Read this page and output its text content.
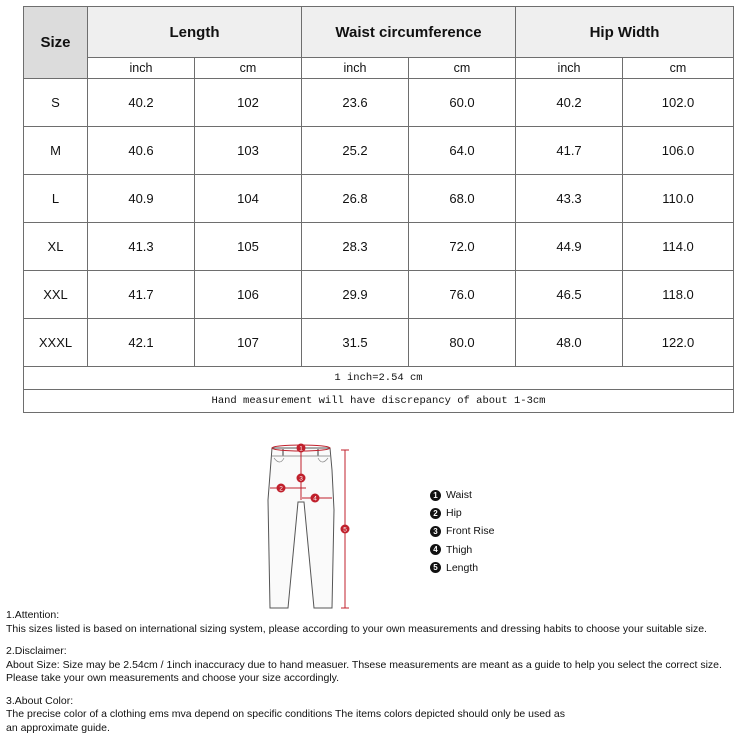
Size	Length		Waist circumference		Hip Width	
	inch	cm	inch	cm	inch	cm
S	40.2	102	23.6	60.0	40.2	102.0
M	40.6	103	25.2	64.0	41.7	106.0
L	40.9	104	26.8	68.0	43.3	110.0
XL	41.3	105	28.3	72.0	44.9	114.0
XXL	41.7	106	29.9	76.0	46.5	118.0
XXXL	42.1	107	31.5	80.0	48.0	122.0
1 inch=2.54 cm						
Hand measurement will have discrepancy of about 1-3cm						
1
3
2
4
5
1 Waist
2 Hip
3 Front Rise
4 Thigh
5 Length

1.Attention:
This sizes listed is based on international sizing system, please according to your own measurements and dressing habits to choose your suitable size.

2.Disclaimer:
About Size: Size may be 2.54cm / 1inch inaccuracy due to hand measuer. Thsese measurements are meant as a guide to help you select the correct size.
Please take your own measurements and choose your size accordingly.

3.About Color:
The precise color of a clothing ems mva depend on specific conditions The items colors depicted should only be used as
an approximate guide.
